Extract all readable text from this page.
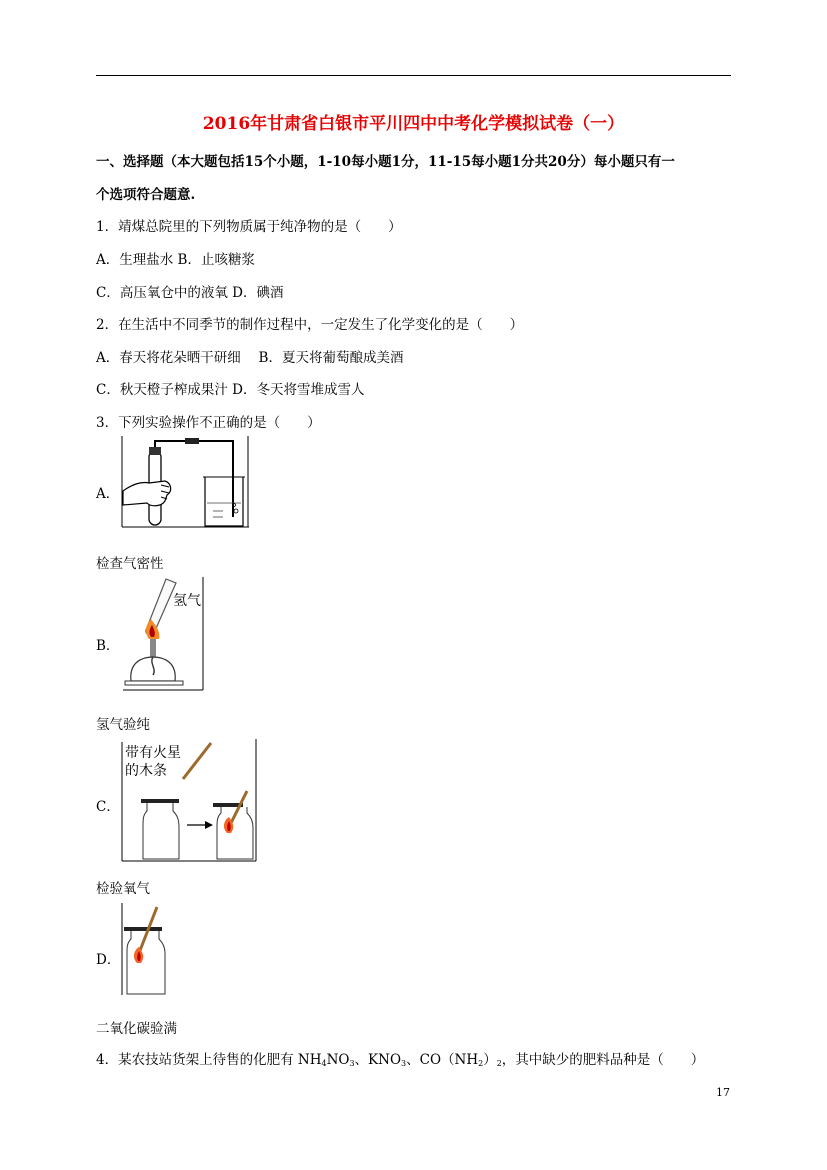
2016年甘肃省白银市平川四中中考化学模拟试卷（一）
一、选择题（本大题包括15个小题，1-10每小题1分，11-15每小题1分共20分）每小题只有一
个选项符合题意.
1．靖煤总院里的下列物质属于纯净物的是（　　）
A．生理盐水 B．止咳糖浆
C．高压氧仓中的液氧 D．碘酒
2．在生活中不同季节的制作过程中，一定发生了化学变化的是（　　）
A．春天将花朵晒干研细　 B．夏天将葡萄酿成美酒
C．秋天橙子榨成果汁 D．冬天将雪堆成雪人
3．下列实验操作不正确的是（　　）
A．
检查气密性
B．
氢气
氢气验纯
C．
带有火星
的木条
检验氧气
D．
二氧化碳验满
4．某农技站货架上待售的化肥有 $NH_4NO_3$、$KNO_3$、$CO(NH_2)_2$，其中缺少的肥料品种是（　　）
17
